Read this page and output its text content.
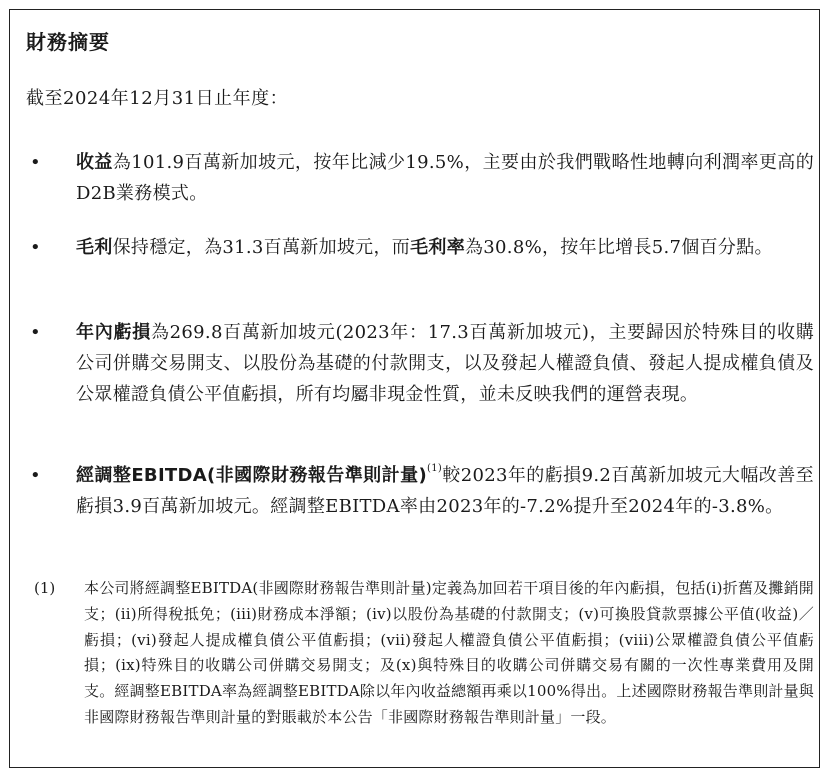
財務摘要
截至2024年12月31日止年度：
• 收益為101.9百萬新加坡元，按年比減少19.5%，主要由於我們戰略性地轉向利潤率更高的D2B業務模式。
• 毛利保持穩定，為31.3百萬新加坡元，而毛利率為30.8%，按年比增長5.7個百分點。
• 年內虧損為269.8百萬新加坡元(2023年：17.3百萬新加坡元)，主要歸因於特殊目的收購公司併購交易開支、以股份為基礎的付款開支，以及發起人權證負債、發起人提成權負債及公眾權證負債公平值虧損，所有均屬非現金性質，並未反映我們的運營表現。
• 經調整EBITDA(非國際財務報告準則計量)$^{(1)}$較2023年的虧損9.2百萬新加坡元大幅改善至虧損3.9百萬新加坡元。經調整EBITDA率由2023年的-7.2%提升至2024年的-3.8%。
(1) 本公司將經調整EBITDA(非國際財務報告準則計量)定義為加回若干項目後的年內虧損，包括(i)折舊及攤銷開支；(ii)所得稅抵免；(iii)財務成本淨額；(iv)以股份為基礎的付款開支；(v)可換股貸款票據公平值(收益)／虧損；(vi)發起人提成權負債公平值虧損；(vii)發起人權證負債公平值虧損；(viii)公眾權證負債公平值虧損；(ix)特殊目的收購公司併購交易開支；及(x)與特殊目的收購公司併購交易有關的一次性專業費用及開支。經調整EBITDA率為經調整EBITDA除以年內收益總額再乘以100%得出。上述國際財務報告準則計量與非國際財務報告準則計量的對賬載於本公告「非國際財務報告準則計量」一段。
